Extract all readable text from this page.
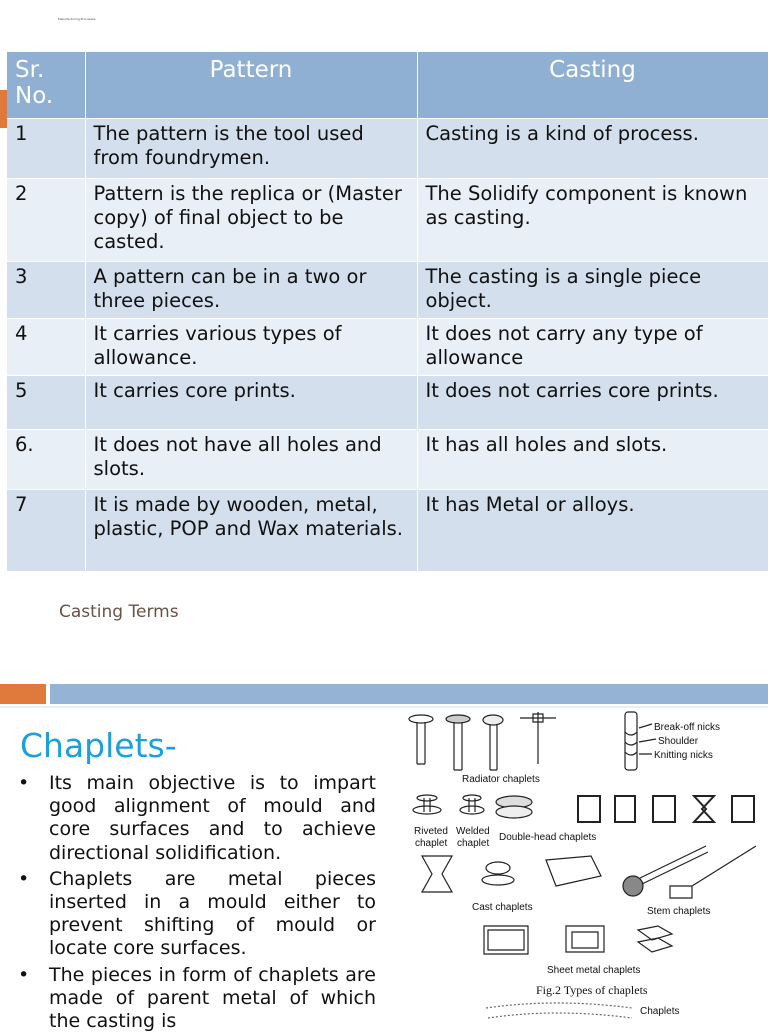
Manufacturing Processes
Sr. No.	Pattern	Casting
1	The pattern is the tool used from foundrymen.	Casting is a kind of process.
2	Pattern is the replica or (Master copy) of final object to be casted.	The Solidify component is known as casting.
3	A pattern can be in a two or three pieces.	The casting is a single piece object.
4	It carries various types of allowance.	It does not carry any type of allowance
5	It carries core prints.	It does not carries core prints.
6.	It does not have all holes and slots.	It has all holes and slots.
7	It is made by wooden, metal, plastic, POP and Wax materials.	It has Metal or alloys.
Casting Terms
Chaplets-
• Its main objective is to impart good alignment of mould and core surfaces and to achieve directional solidification.
• Chaplets are metal pieces inserted in a mould either to prevent shifting of mould or locate core surfaces.
• The pieces in form of chaplets are made of parent metal of which the casting is
Break-off nicks
Shoulder
Knitting nicks
Radiator chaplets
Riveted
chaplet
Welded
chaplet
Double-head chaplets
Cast chaplets	Stem chaplets
Sheet metal chaplets
Fig.2 Types of chaplets
Chaplets
